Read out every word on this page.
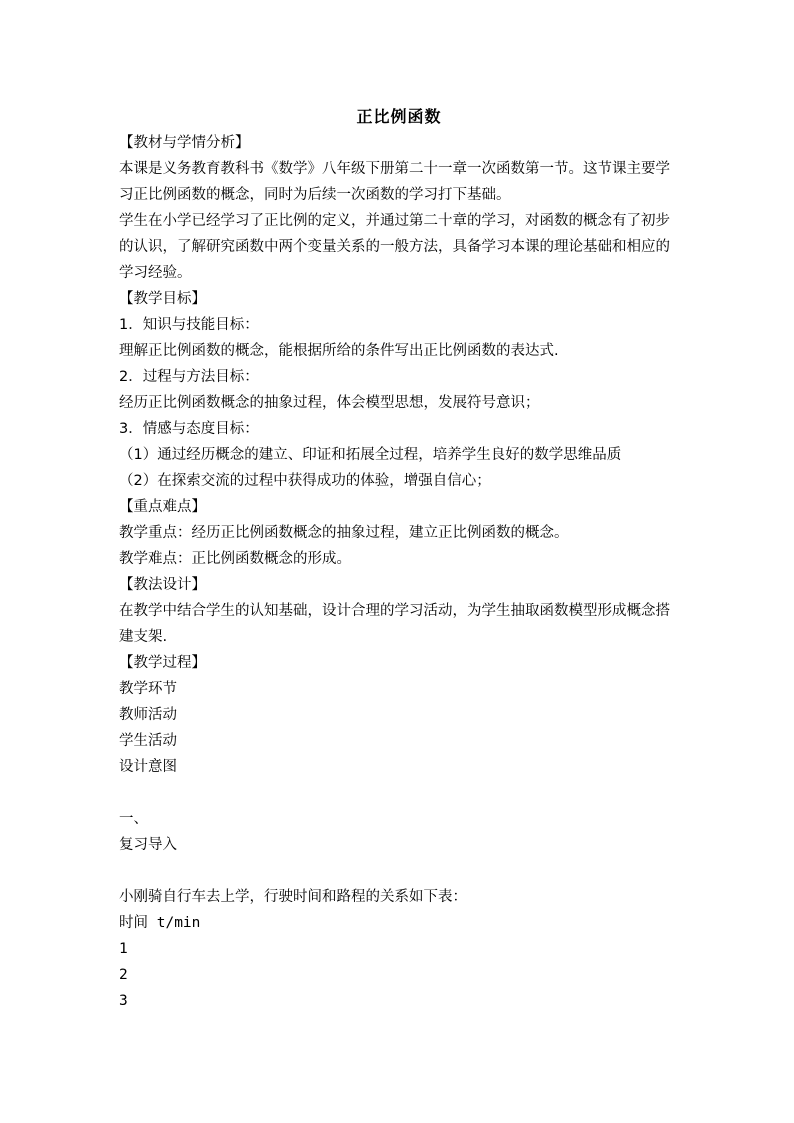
正比例函数

【教材与学情分析】

本课是义务教育教科书《数学》八年级下册第二十一章一次函数第一节。这节课主要学习正比例函数的概念，同时为后续一次函数的学习打下基础。

学生在小学已经学习了正比例的定义，并通过第二十章的学习，对函数的概念有了初步的认识，了解研究函数中两个变量关系的一般方法，具备学习本课的理论基础和相应的学习经验。

【教学目标】

1．知识与技能目标：

理解正比例函数的概念，能根据所给的条件写出正比例函数的表达式.

2．过程与方法目标：

经历正比例函数概念的抽象过程，体会模型思想，发展符号意识；

3．情感与态度目标：

（1）通过经历概念的建立、印证和拓展全过程，培养学生良好的数学思维品质

（2）在探索交流的过程中获得成功的体验，增强自信心；

【重点难点】

教学重点：经历正比例函数概念的抽象过程，建立正比例函数的概念。

教学难点：正比例函数概念的形成。

【教法设计】

在教学中结合学生的认知基础，设计合理的学习活动，为学生抽取函数模型形成概念搭建支架.

【教学过程】

教学环节

教师活动

学生活动

设计意图

一、

复习导入

小刚骑自行车去上学，行驶时间和路程的关系如下表：

时间 t/min

1

2

3
